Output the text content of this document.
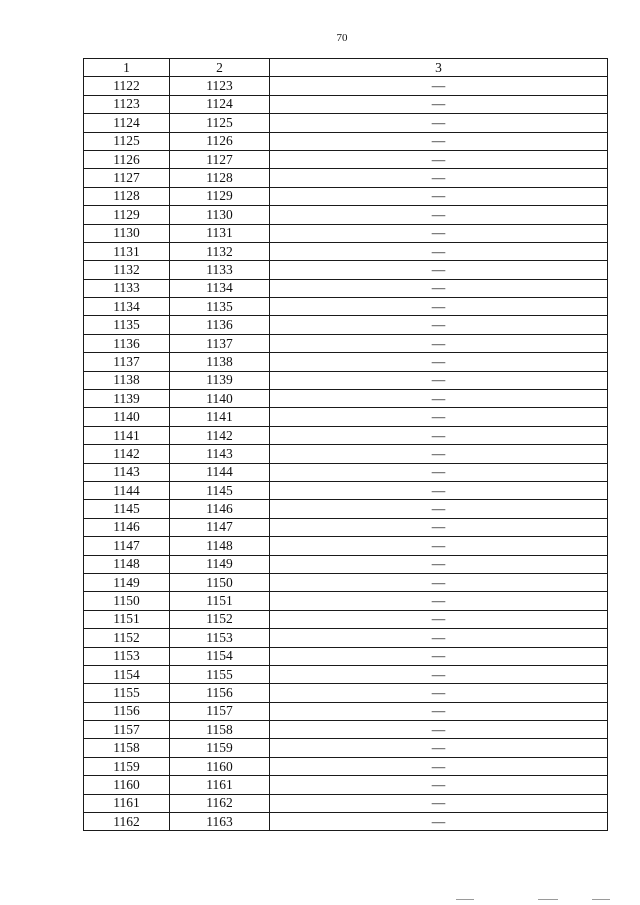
70
1	2	3
1122	1123	—
1123	1124	—
1124	1125	—
1125	1126	—
1126	1127	—
1127	1128	—
1128	1129	—
1129	1130	—
1130	1131	—
1131	1132	—
1132	1133	—
1133	1134	—
1134	1135	—
1135	1136	—
1136	1137	—
1137	1138	—
1138	1139	—
1139	1140	—
1140	1141	—
1141	1142	—
1142	1143	—
1143	1144	—
1144	1145	—
1145	1146	—
1146	1147	—
1147	1148	—
1148	1149	—
1149	1150	—
1150	1151	—
1151	1152	—
1152	1153	—
1153	1154	—
1154	1155	—
1155	1156	—
1156	1157	—
1157	1158	—
1158	1159	—
1159	1160	—
1160	1161	—
1161	1162	—
1162	1163	—
